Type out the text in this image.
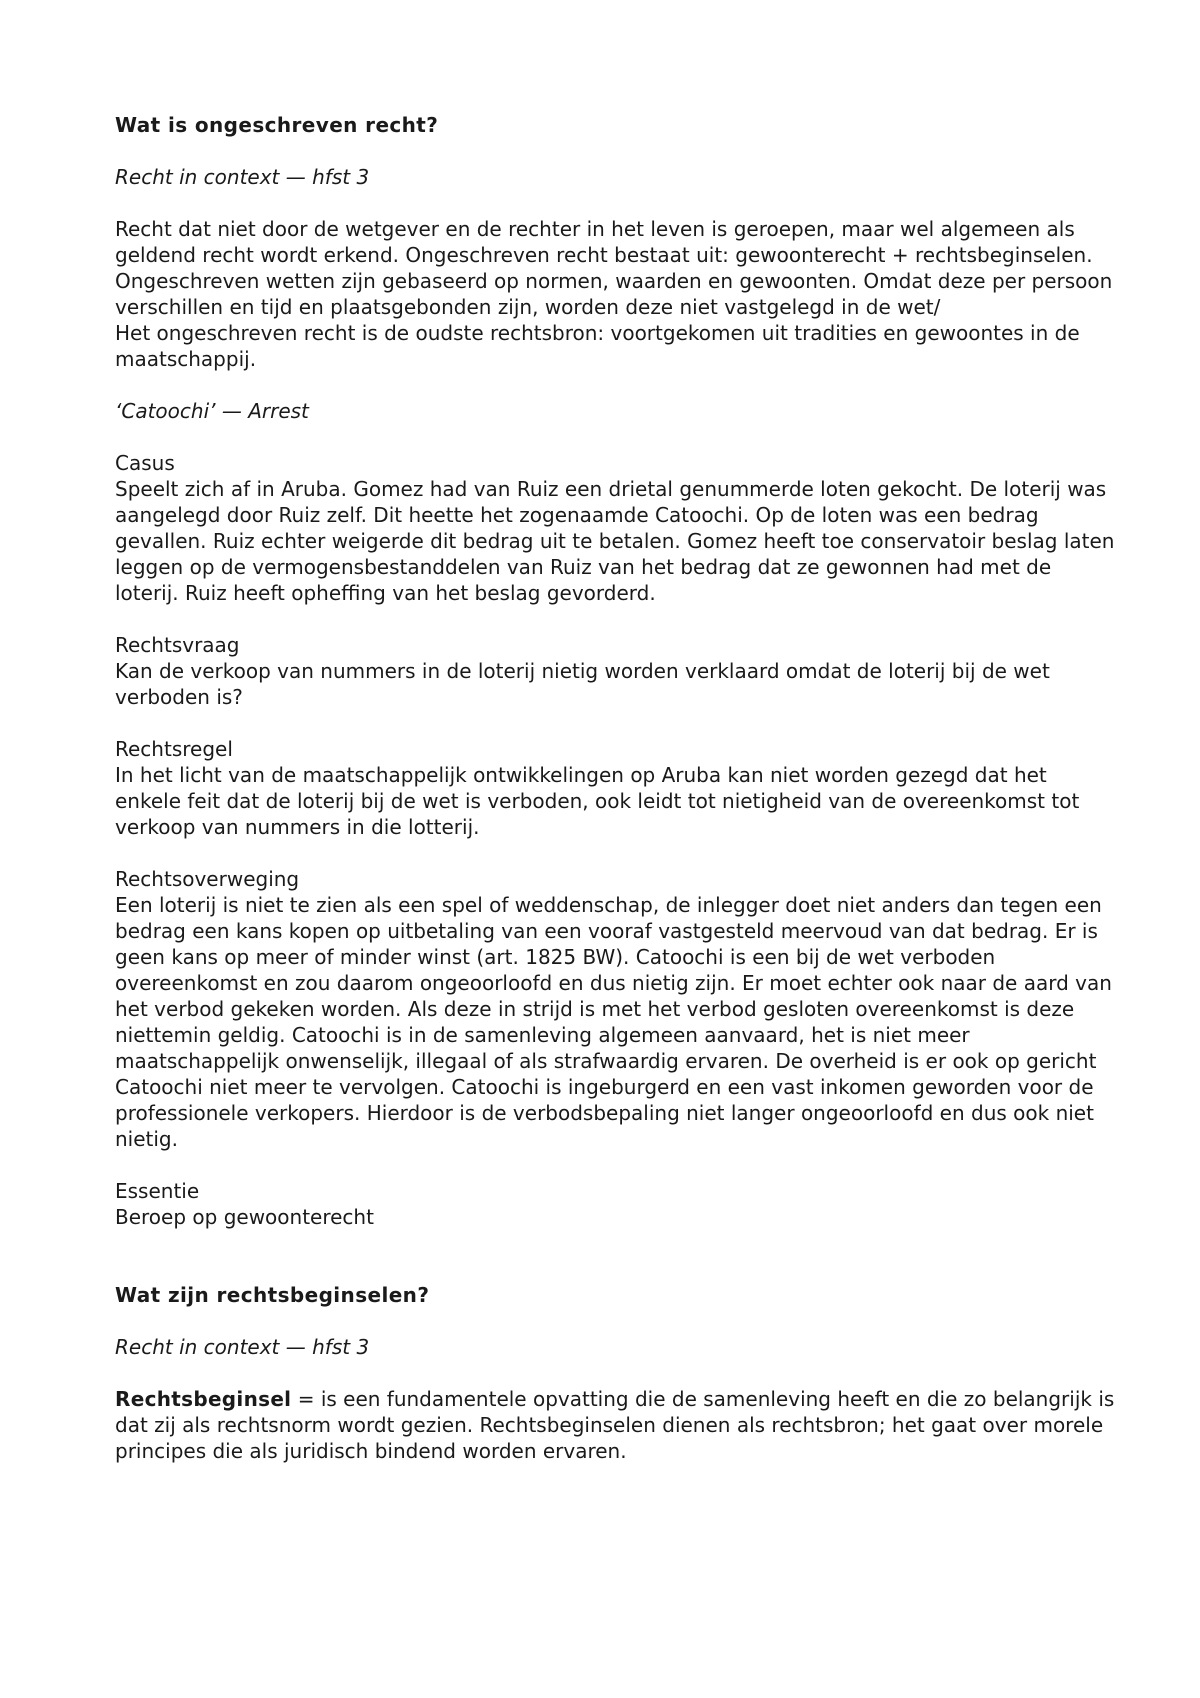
Wat is ongeschreven recht?

Recht in context — hfst 3

Recht dat niet door de wetgever en de rechter in het leven is geroepen, maar wel algemeen als geldend recht wordt erkend. Ongeschreven recht bestaat uit: gewoonterecht + rechtsbeginselen.

Ongeschreven wetten zijn gebaseerd op normen, waarden en gewoonten. Omdat deze per persoon verschillen en tijd en plaatsgebonden zijn, worden deze niet vastgelegd in de wet/

Het ongeschreven recht is de oudste rechtsbron: voortgekomen uit tradities en gewoontes in de maatschappij.

‘Catoochi’ — Arrest

Casus

Speelt zich af in Aruba. Gomez had van Ruiz een drietal genummerde loten gekocht. De loterij was aangelegd door Ruiz zelf. Dit heette het zogenaamde Catoochi. Op de loten was een bedrag gevallen. Ruiz echter weigerde dit bedrag uit te betalen. Gomez heeft toe conservatoir beslag laten leggen op de vermogensbestanddelen van Ruiz van het bedrag dat ze gewonnen had met de loterij. Ruiz heeft opheffing van het beslag gevorderd.

Rechtsvraag

Kan de verkoop van nummers in de loterij nietig worden verklaard omdat de loterij bij de wet verboden is?

Rechtsregel

In het licht van de maatschappelijk ontwikkelingen op Aruba kan niet worden gezegd dat het enkele feit dat de loterij bij de wet is verboden, ook leidt tot nietigheid van de overeenkomst tot verkoop van nummers in die lotterij.

Rechtsoverweging

Een loterij is niet te zien als een spel of weddenschap, de inlegger doet niet anders dan tegen een bedrag een kans kopen op uitbetaling van een vooraf vastgesteld meervoud van dat bedrag. Er is geen kans op meer of minder winst (art. 1825 BW). Catoochi is een bij de wet verboden overeenkomst en zou daarom ongeoorloofd en dus nietig zijn. Er moet echter ook naar de aard van het verbod gekeken worden. Als deze in strijd is met het verbod gesloten overeenkomst is deze niettemin geldig. Catoochi is in de samenleving algemeen aanvaard, het is niet meer maatschappelijk onwenselijk, illegaal of als strafwaardig ervaren. De overheid is er ook op gericht Catoochi niet meer te vervolgen. Catoochi is ingeburgerd en een vast inkomen geworden voor de professionele verkopers. Hierdoor is de verbodsbepaling niet langer ongeoorloofd en dus ook niet nietig.

Essentie

Beroep op gewoonterecht

Wat zijn rechtsbeginselen?

Recht in context — hfst 3

Rechtsbeginsel = is een fundamentele opvatting die de samenleving heeft en die zo belangrijk is dat zij als rechtsnorm wordt gezien. Rechtsbeginselen dienen als rechtsbron; het gaat over morele principes die als juridisch bindend worden ervaren.
